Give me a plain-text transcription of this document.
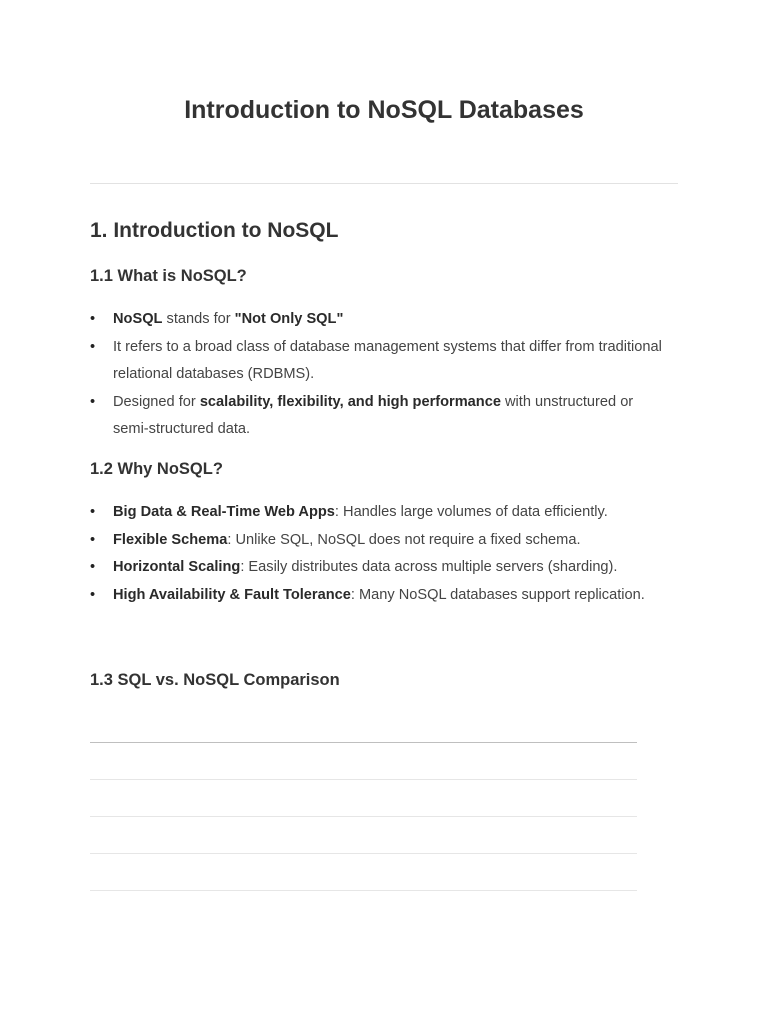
Introduction to NoSQL Databases
1. Introduction to NoSQL
1.1 What is NoSQL?
•	NoSQL stands for "Not Only SQL"
•	It refers to a broad class of database management systems that differ from traditional relational databases (RDBMS).
•	Designed for scalability, flexibility, and high performance with unstructured or semi-structured data.
1.2 Why NoSQL?
•	Big Data & Real-Time Web Apps: Handles large volumes of data efficiently.
•	Flexible Schema: Unlike SQL, NoSQL does not require a fixed schema.
•	Horizontal Scaling: Easily distributes data across multiple servers (sharding).
•	High Availability & Fault Tolerance: Many NoSQL databases support replication.
1.3 SQL vs. NoSQL Comparison
